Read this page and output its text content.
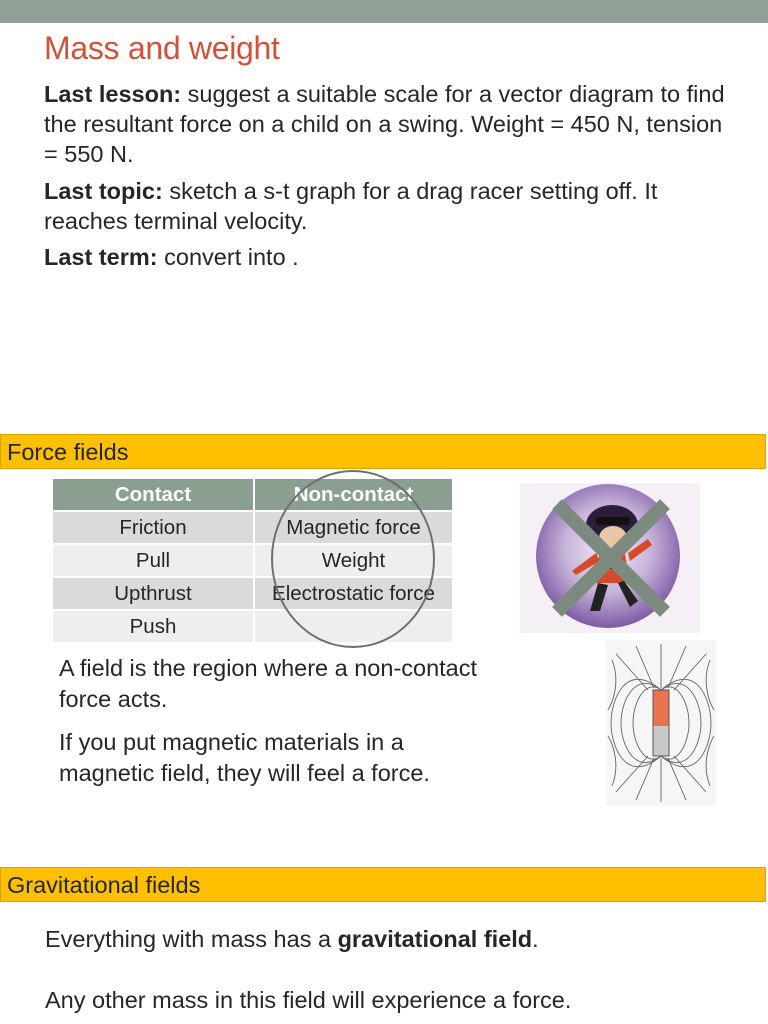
Mass and weight

Last lesson: suggest a suitable scale for a vector diagram to find the resultant force on a child on a swing. Weight = 450 N, tension = 550 N.

Last topic: sketch a s-t graph for a drag racer setting off. It reaches terminal velocity.

Last term: convert into .

Force fields
Contact	Non-contact
Friction	Magnetic force
Pull	Weight
Upthrust	Electrostatic force
Push	

A field is the region where a non-contact force acts.

If you put magnetic materials in a magnetic field, they will feel a force.

Gravitational fields

Everything with mass has a gravitational field.

Any other mass in this field will experience a force.
